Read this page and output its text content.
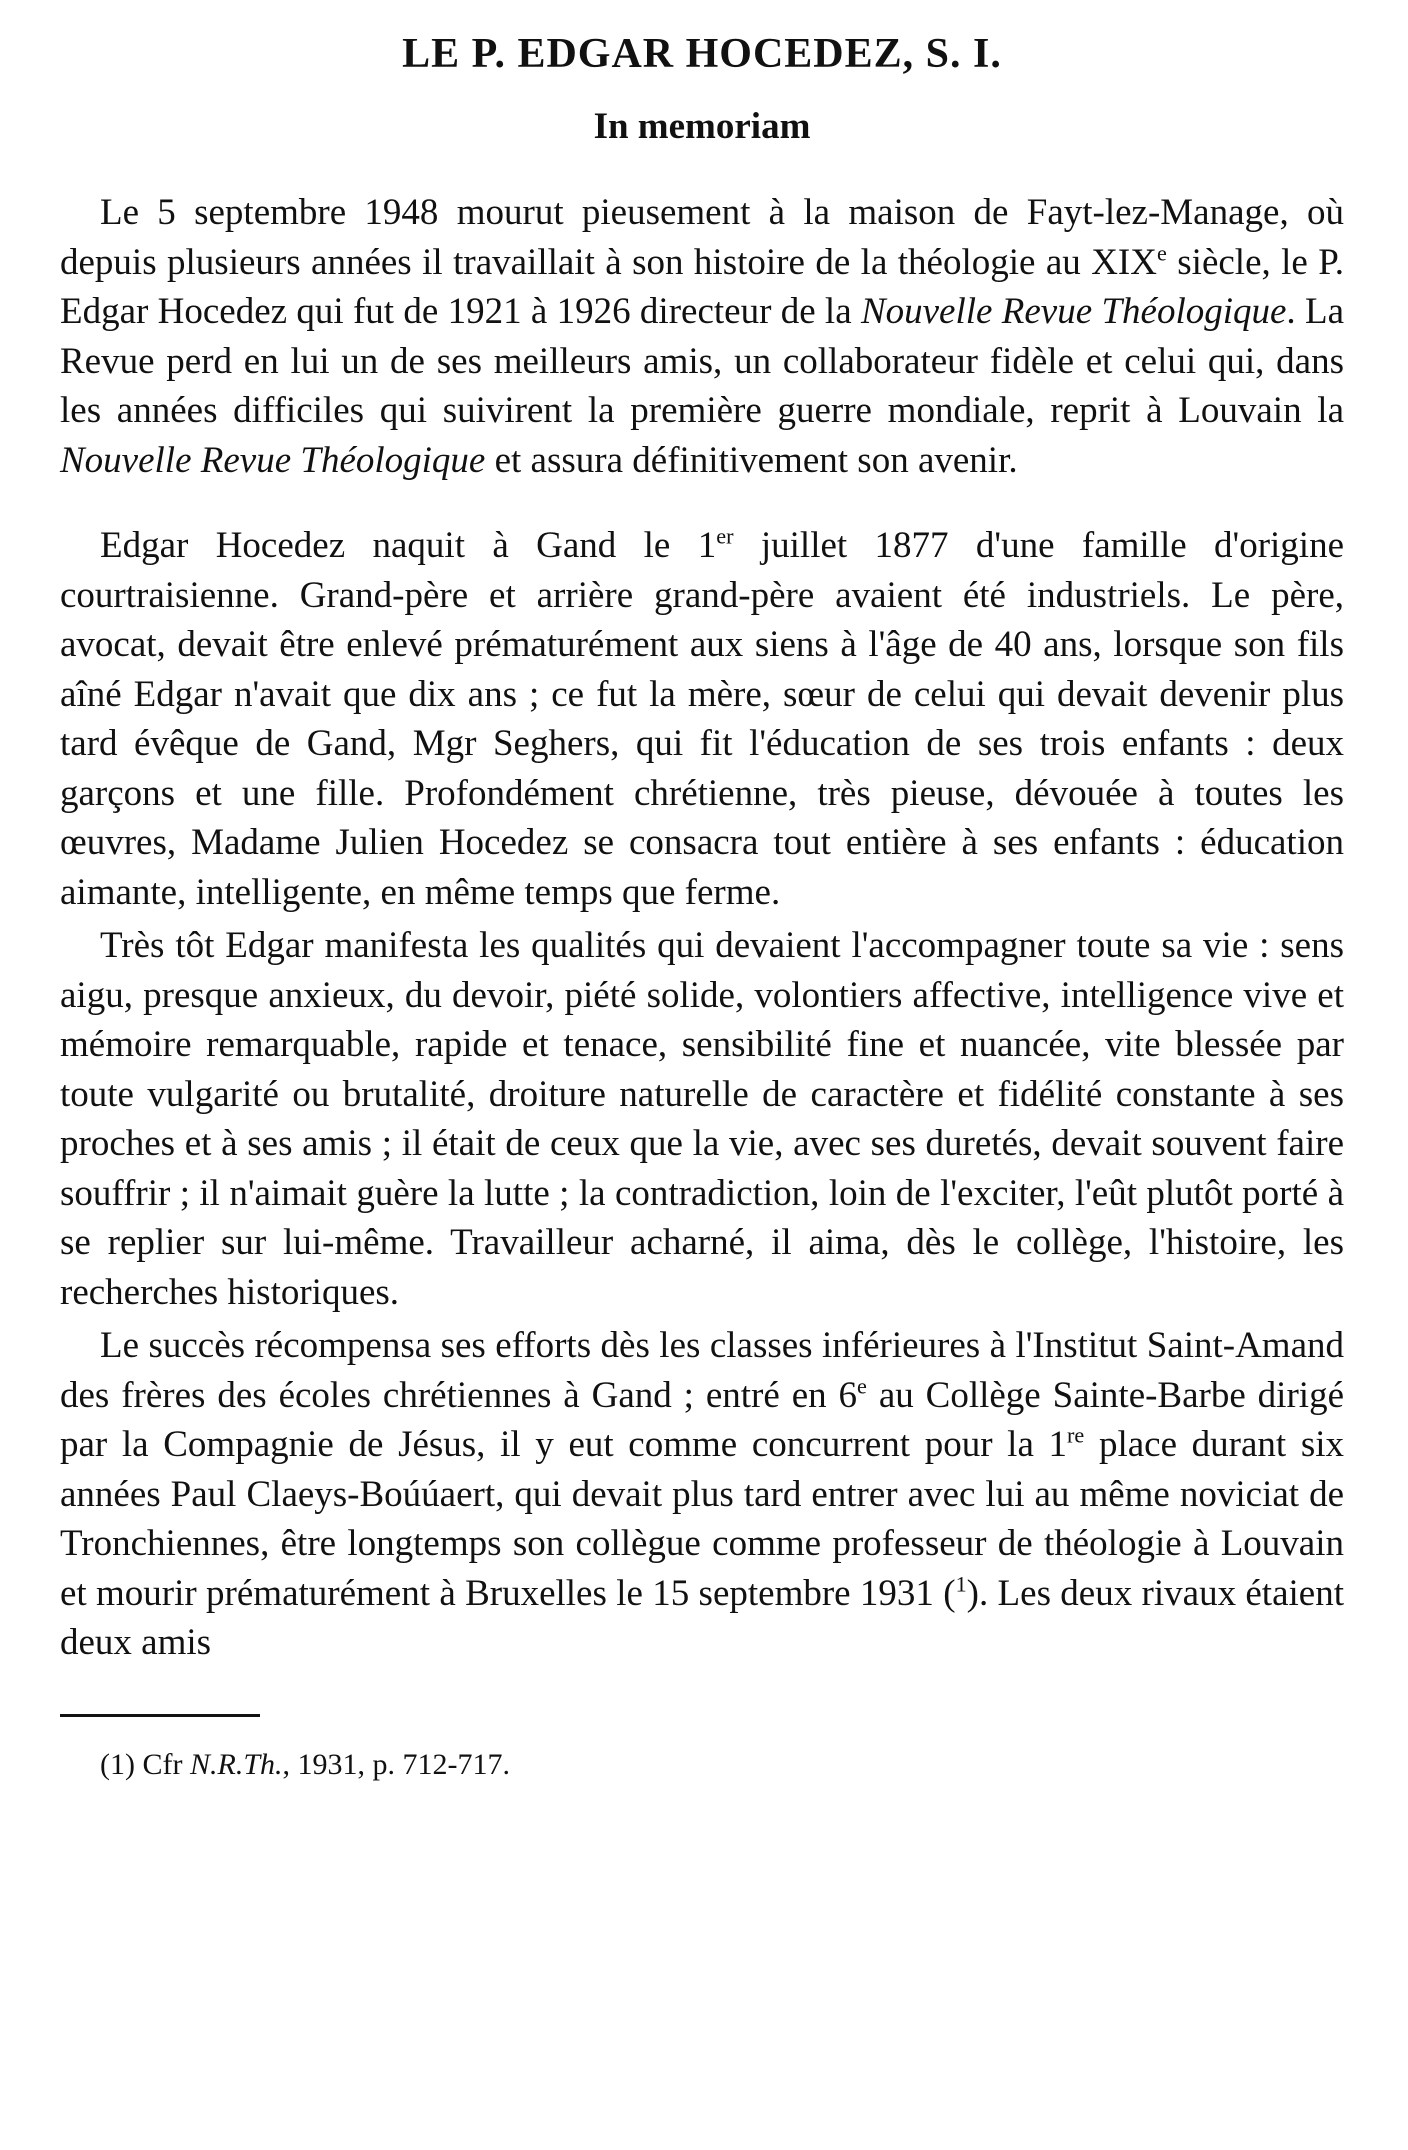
LE P. EDGAR HOCEDEZ, S. I.
In memoriam

Le 5 septembre 1948 mourut pieusement à la maison de Fayt-lez-Manage, où depuis plusieurs années il travaillait à son histoire de la théologie au XIXe siècle, le P. Edgar Hocedez qui fut de 1921 à 1926 directeur de la Nouvelle Revue Théologique. La Revue perd en lui un de ses meilleurs amis, un collaborateur fidèle et celui qui, dans les années difficiles qui suivirent la première guerre mondiale, reprit à Louvain la Nouvelle Revue Théologique et assura définitivement son avenir.

Edgar Hocedez naquit à Gand le 1er juillet 1877 d'une famille d'origine courtraisienne. Grand-père et arrière grand-père avaient été industriels. Le père, avocat, devait être enlevé prématurément aux siens à l'âge de 40 ans, lorsque son fils aîné Edgar n'avait que dix ans ; ce fut la mère, sœur de celui qui devait devenir plus tard évêque de Gand, Mgr Seghers, qui fit l'éducation de ses trois enfants : deux garçons et une fille. Profondément chrétienne, très pieuse, dévouée à toutes les œuvres, Madame Julien Hocedez se consacra tout entière à ses enfants : éducation aimante, intelligente, en même temps que ferme.

Très tôt Edgar manifesta les qualités qui devaient l'accompagner toute sa vie : sens aigu, presque anxieux, du devoir, piété solide, volontiers affective, intelligence vive et mémoire remarquable, rapide et tenace, sensibilité fine et nuancée, vite blessée par toute vulgarité ou brutalité, droiture naturelle de caractère et fidélité constante à ses proches et à ses amis ; il était de ceux que la vie, avec ses duretés, devait souvent faire souffrir ; il n'aimait guère la lutte ; la contradiction, loin de l'exciter, l'eût plutôt porté à se replier sur lui-même. Travailleur acharné, il aima, dès le collège, l'histoire, les recherches historiques.

Le succès récompensa ses efforts dès les classes inférieures à l'Institut Saint-Amand des frères des écoles chrétiennes à Gand ; entré en 6e au Collège Sainte-Barbe dirigé par la Compagnie de Jésus, il y eut comme concurrent pour la 1re place durant six années Paul Claeys-Boúúaert, qui devait plus tard entrer avec lui au même noviciat de Tronchiennes, être longtemps son collègue comme professeur de théologie à Louvain et mourir prématurément à Bruxelles le 15 septembre 1931 ($^1$). Les deux rivaux étaient deux amis

(1) Cfr N.R.Th., 1931, p. 712-717.
